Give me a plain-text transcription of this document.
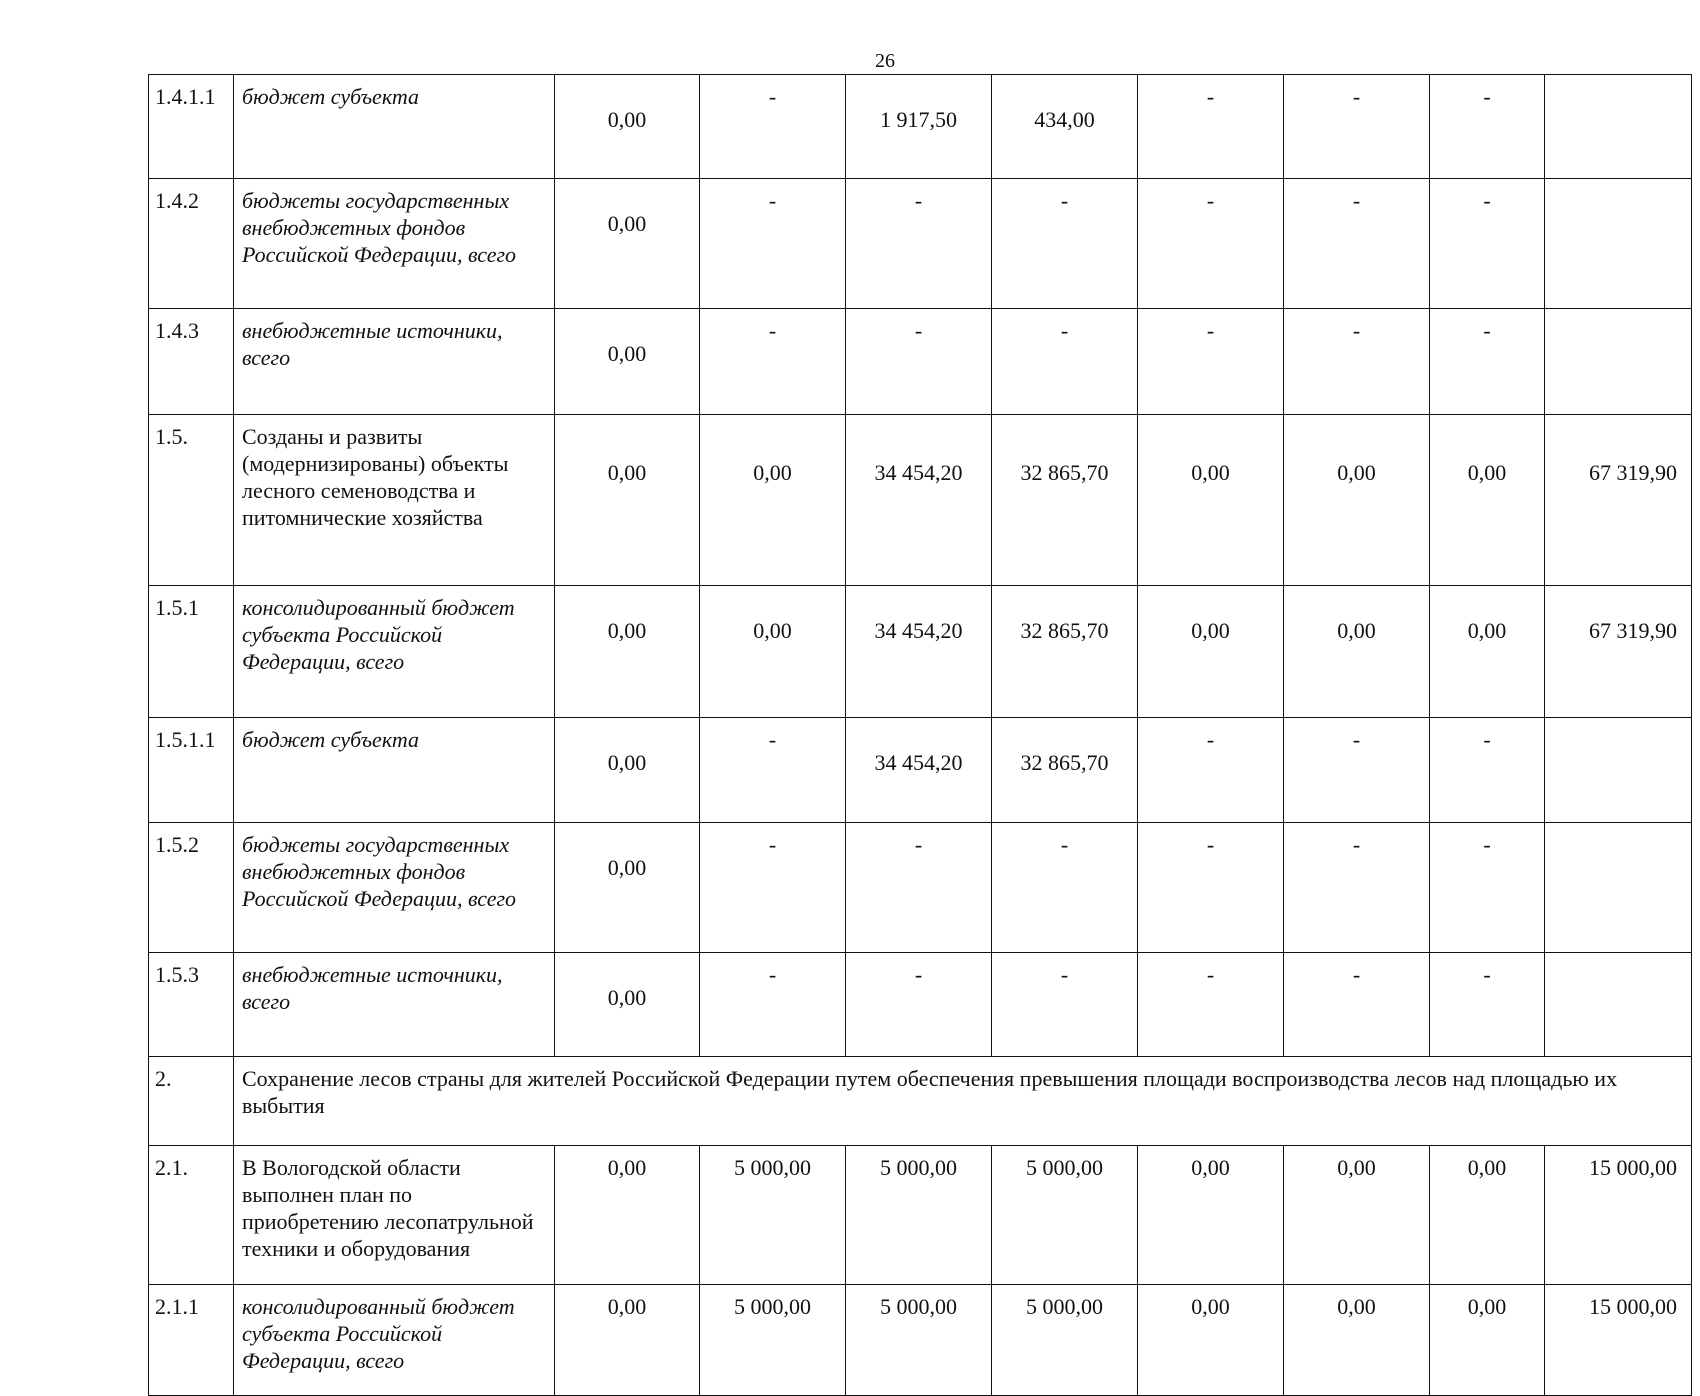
26
1.4.1.1	бюджет субъекта	0,00	-	1 917,50	434,00	-	-	-	
1.4.2	бюджеты государственных внебюджетных фондов Российской Федерации, всего	0,00	-	-	-	-	-	-	
1.4.3	внебюджетные источники, всего	0,00	-	-	-	-	-	-	
1.5.	Созданы и развиты (модернизированы) объекты лесного семеноводства и питомнические хозяйства	0,00	0,00	34 454,20	32 865,70	0,00	0,00	0,00	67 319,90
1.5.1	консолидированный бюджет субъекта Российской Федерации, всего	0,00	0,00	34 454,20	32 865,70	0,00	0,00	0,00	67 319,90
1.5.1.1	бюджет субъекта	0,00	-	34 454,20	32 865,70	-	-	-	
1.5.2	бюджеты государственных внебюджетных фондов Российской Федерации, всего	0,00	-	-	-	-	-	-	
1.5.3	внебюджетные источники, всего	0,00	-	-	-	-	-	-	
2.	Сохранение лесов страны для жителей Российской Федерации путем обеспечения превышения площади воспроизводства лесов над площадью их выбытия								
2.1.	В Вологодской области выполнен план по приобретению лесопатрульной техники и оборудования	0,00	5 000,00	5 000,00	5 000,00	0,00	0,00	0,00	15 000,00
2.1.1	консолидированный бюджет субъекта Российской Федерации, всего	0,00	5 000,00	5 000,00	5 000,00	0,00	0,00	0,00	15 000,00
